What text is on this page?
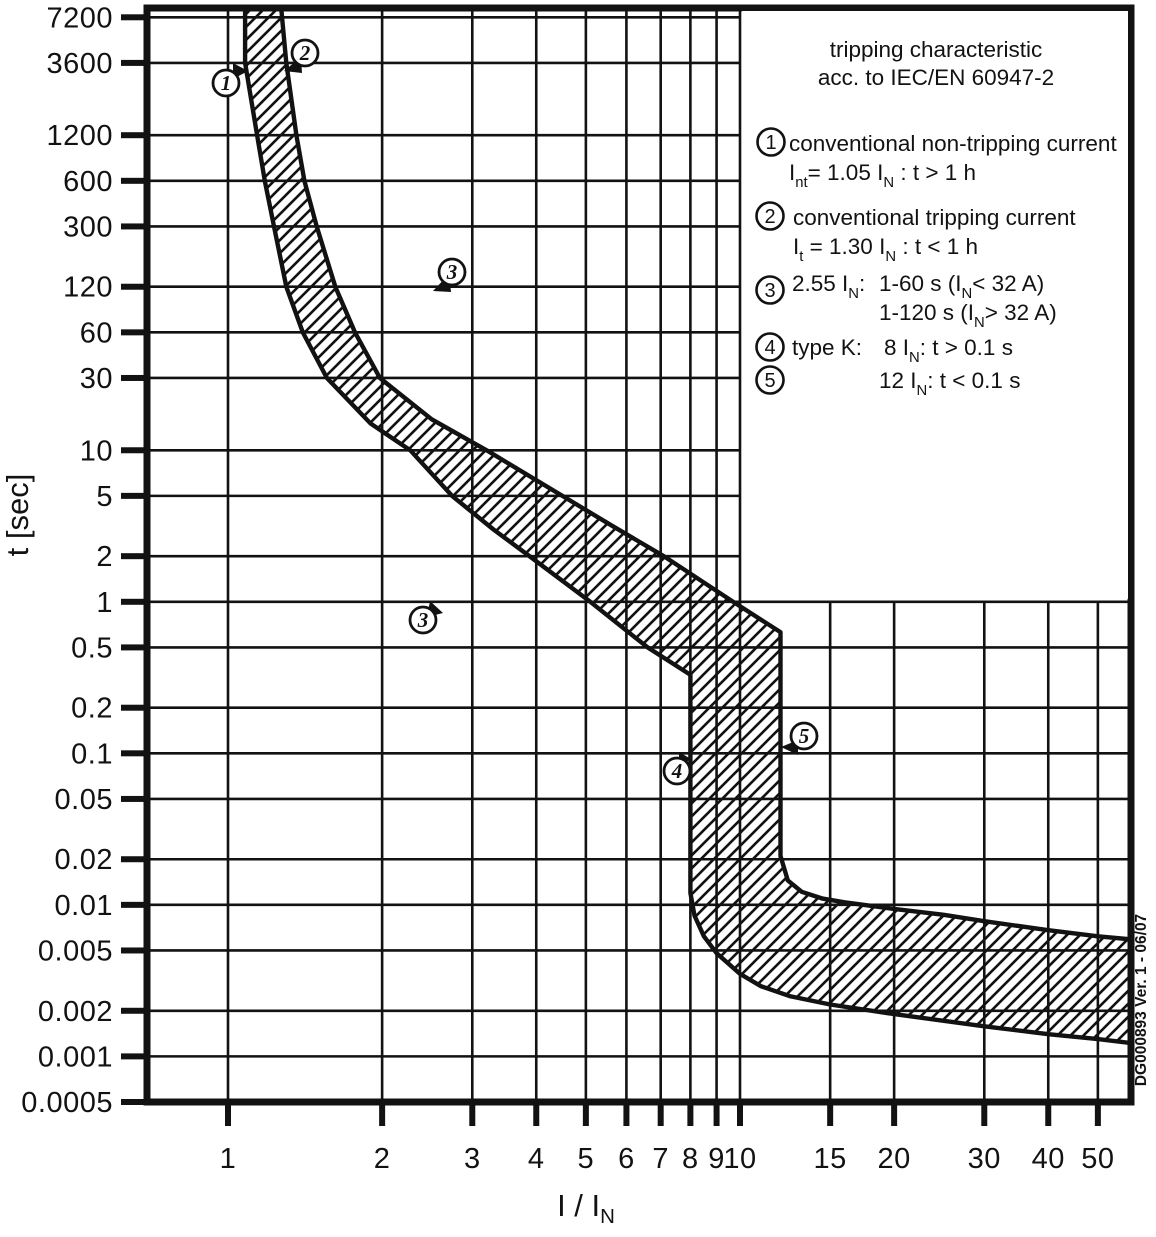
7200
3600
1200
600
300
120
60
30
10
5
2
1
0.5
0.2
0.1
0.05
0.02
0.01
0.005
0.002
0.001
0.0005
1	2	3 4 5 6 7 8 9
10 15 20 30 40 50
t [sec]
I / $I_N$
tripping characteristic
acc. to IEC/EN 60947-2
1
2
3
4
5
conventional non-tripping current
$I_{nt}= 1.05$ $I_N$ : t > 1 h
conventional tripping current
$I_t = 1.30$ $I_N$ : t < 1 h
2.55 $I_N$: 1-60 s ($I_N< 32$ A)
1-120 s ($I_N> 32$ A)
type K: 8 $I_N$: t > 0.1 s
12 $I_N$: t < 0.1 s
1
2
3
3
4
5
DG000893 Ver. 1 - 06/07
